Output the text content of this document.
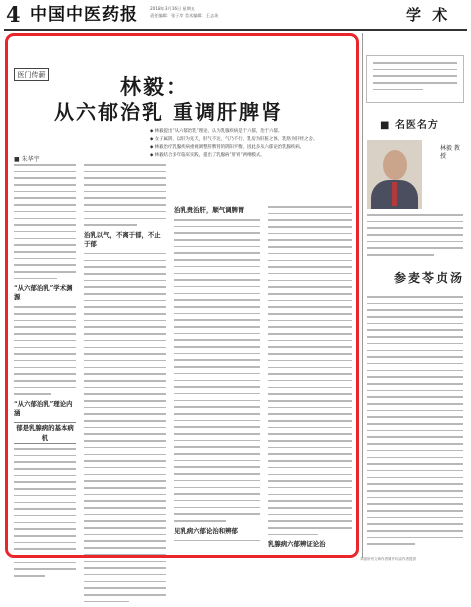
4 中国中医药报	2018年3月16日 星期五
责任编辑：张子岸 美术编辑：王志英	学 术
医门传薪	林毅：
从六郁治乳 重调肝脾肾

◆ 林毅提出“从六郁治乳”理论，认为乳腺疾病是于六郁，治于六郁。

◆ 女子属阴，以肝为先天，肝气不达，气乃不行，乳房为肝脏之体，乳络为肝经之舍。

◆ 林毅治疗乳腺疾病重视调整肝脾肾的阴阳平衡，因此多从六郁论治乳腺疾病。

◆ 林毅结合多年临床实践，提出了乳腺病“肝胃”两纲模式。

■ 朱华宇
“从六郁治乳”学术渊源
“从六郁治乳”理论内涵
郁是乳腺病的基本病机
治乳以气，不离于郁，不止于郁
治乳贵治肝，顺气调脾胃
见乳病六郁论治和辨郁
乳腺病六郁辨证论治
■ 名医名方
林毅 教授
参麦苓贞汤
本版所刊文章作者简介均由作者提供
